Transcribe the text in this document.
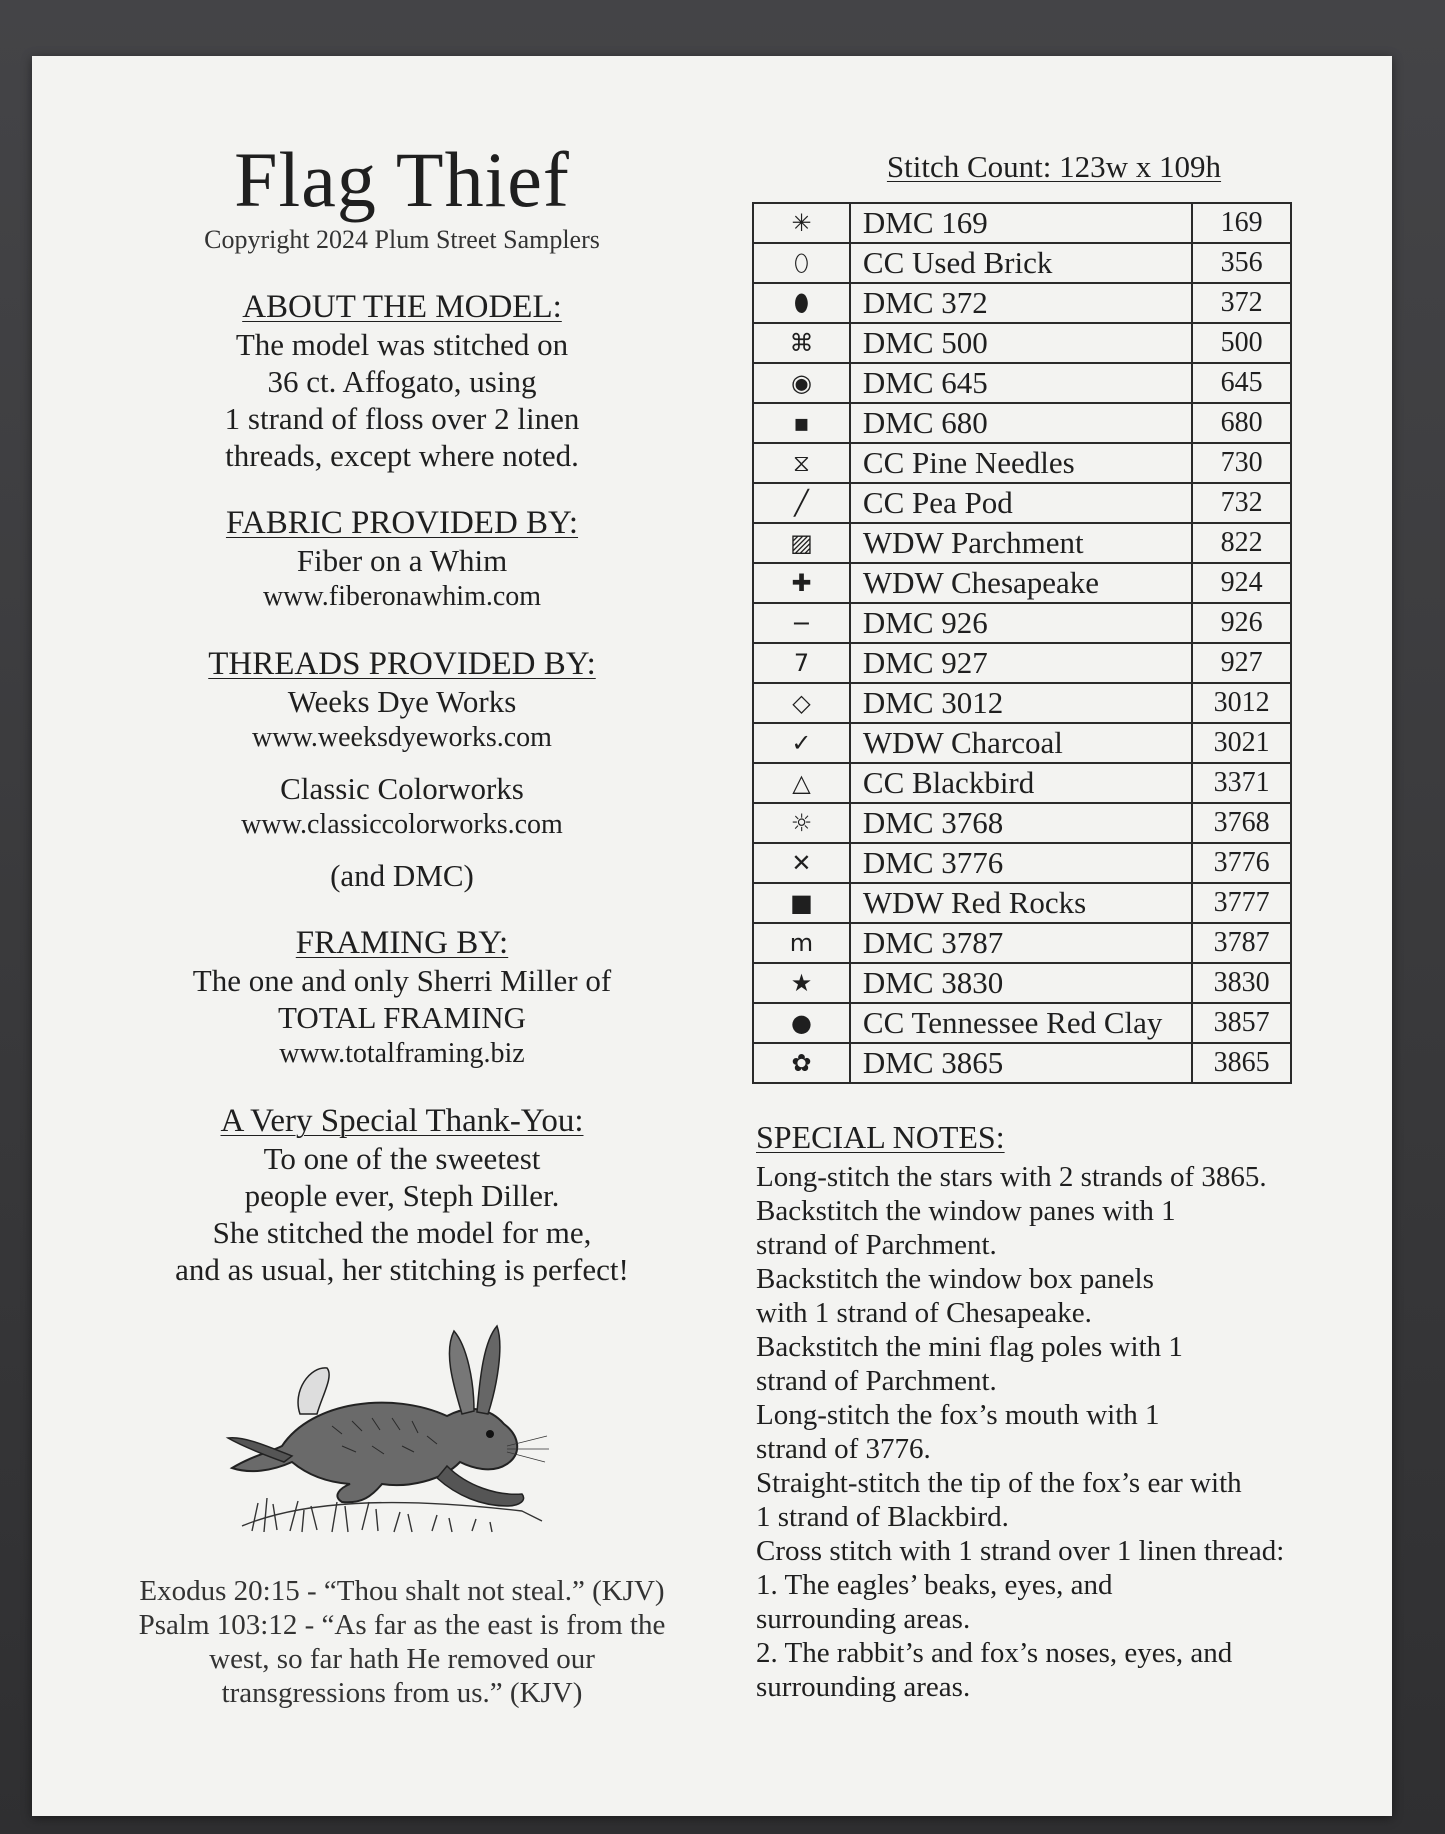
Flag Thief
Copyright 2024 Plum Street Samplers
ABOUT THE MODEL:
The model was stitched on
36 ct. Affogato, using
1 strand of floss over 2 linen
threads, except where noted.
FABRIC PROVIDED BY:
Fiber on a Whim
www.fiberonawhim.com
THREADS PROVIDED BY:
Weeks Dye Works
www.weeksdyeworks.com
Classic Colorworks
www.classiccolorworks.com
(and DMC)
FRAMING BY:
The one and only Sherri Miller of
TOTAL FRAMING
www.totalframing.biz
A Very Special Thank-You:
To one of the sweetest
people ever, Steph Diller.
She stitched the model for me,
and as usual, her stitching is perfect!
Exodus 20:15 - “Thou shalt not steal.” (KJV)
Psalm 103:12 - “As far as the east is from the
west, so far hath He removed our
transgressions from us.” (KJV)
Stitch Count: 123w x 109h
✳	DMC 169	169
⬯	CC Used Brick	356
⬮	DMC 372	372
⌘	DMC 500	500
◉	DMC 645	645
▪	DMC 680	680
⧖	CC Pine Needles	730
╱	CC Pea Pod	732
▨	WDW Parchment	822
✚	WDW Chesapeake	924
−	DMC 926	926
7	DMC 927	927
◇	DMC 3012	3012
✓	WDW Charcoal	3021
△	CC Blackbird	3371
☼	DMC 3768	3768
✕	DMC 3776	3776
■	WDW Red Rocks	3777
m	DMC 3787	3787
★	DMC 3830	3830
●	CC Tennessee Red Clay	3857
✿	DMC 3865	3865
SPECIAL NOTES:
Long-stitch the stars with 2 strands of 3865.
Backstitch the window panes with 1
strand of Parchment.
Backstitch the window box panels
with 1 strand of Chesapeake.
Backstitch the mini flag poles with 1
strand of Parchment.
Long-stitch the fox’s mouth with 1
strand of 3776.
Straight-stitch the tip of the fox’s ear with
1 strand of Blackbird.
Cross stitch with 1 strand over 1 linen thread:
1. The eagles’ beaks, eyes, and
surrounding areas.
2. The rabbit’s and fox’s noses, eyes, and
surrounding areas.
